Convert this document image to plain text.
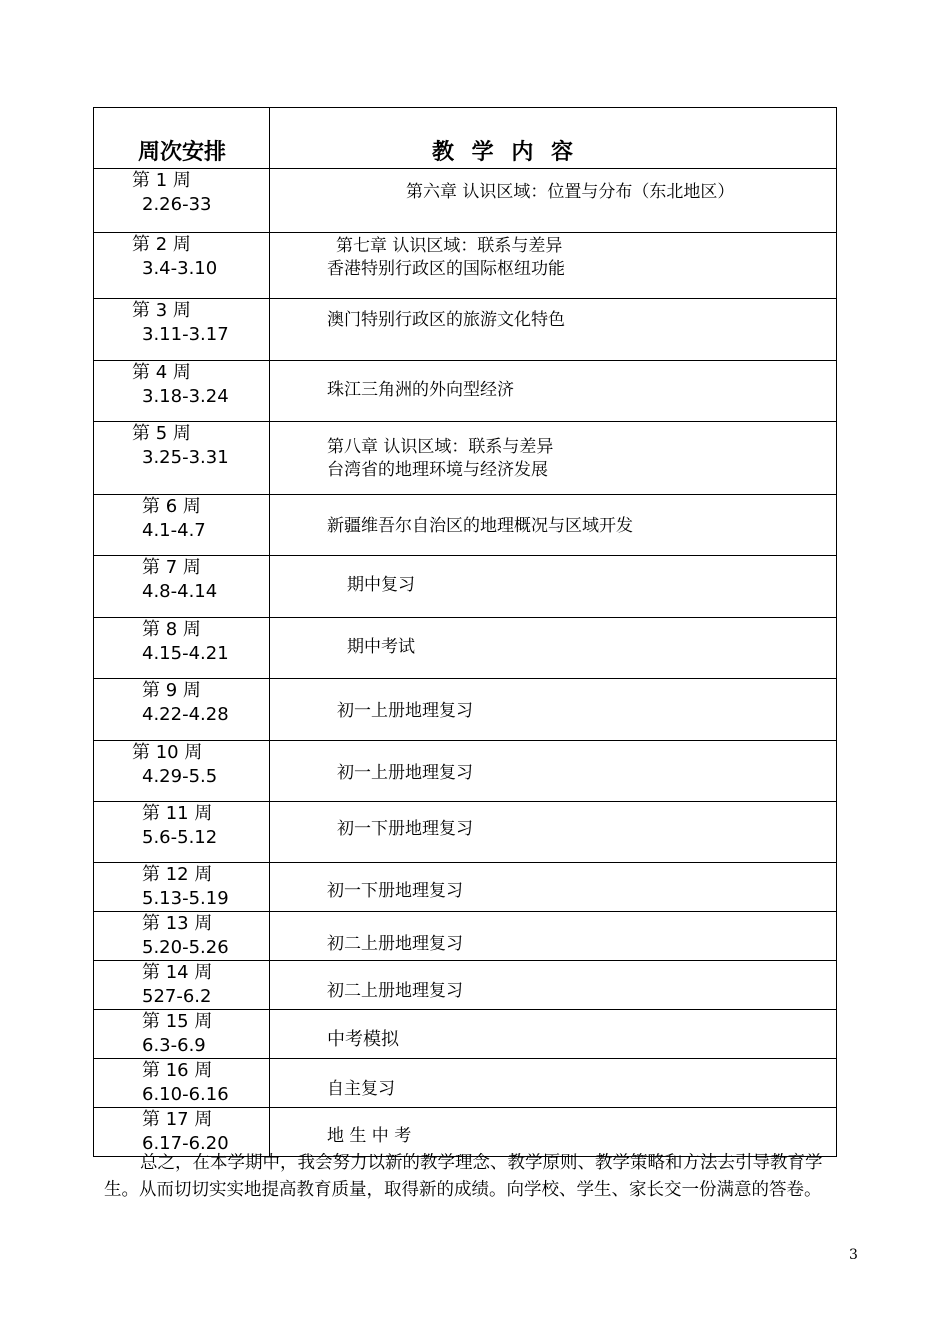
周次安排	教 学 内 容

第 1 周
2.26-33	第六章 认识区域：位置与分布（东北地区）

第 2 周
3.4-3.10	第七章 认识区域：联系与差异
香港特别行政区的国际枢纽功能

第 3 周
3.11-3.17	澳门特别行政区的旅游文化特色

第 4 周
3.18-3.24	珠江三角洲的外向型经济

第 5 周
3.25-3.31	第八章 认识区域：联系与差异
台湾省的地理环境与经济发展

第 6 周
4.1-4.7	新疆维吾尔自治区的地理概况与区域开发

第 7 周
4.8-4.14	期中复习

第 8 周
4.15-4.21	期中考试

第 9 周
4.22-4.28	初一上册地理复习

第 10 周
4.29-5.5	初一上册地理复习

第 11 周
5.6-5.12	初一下册地理复习

第 12 周
5.13-5.19	初一下册地理复习

第 13 周
5.20-5.26	初二上册地理复习

第 14 周
527-6.2	初二上册地理复习

第 15 周
6.3-6.9	中考模拟

第 16 周
6.10-6.16	自主复习

第 17 周
6.17-6.20	地 生 中 考

总之，在本学期中，我会努力以新的教学理念、教学原则、教学策略和方法去引导教育学

生。从而切切实实地提高教育质量，取得新的成绩。向学校、学生、家长交一份满意的答卷。

3
